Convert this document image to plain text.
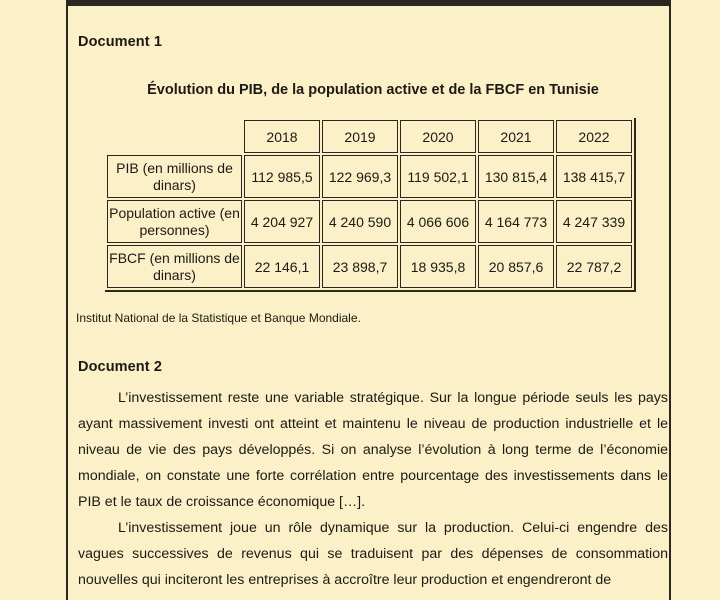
Document 1
Évolution du PIB, de la population active et de la FBCF en Tunisie
	2018	2019	2020	2021	2022
PIB (en millions de dinars)	112 985,5	122 969,3	119 502,1	130 815,4	138 415,7
Population active (en personnes)	4 204 927	4 240 590	4 066 606	4 164 773	4 247 339
FBCF (en millions de dinars)	22 146,1	23 898,7	18 935,8	20 857,6	22 787,2
Institut National de la Statistique et Banque Mondiale.
Document 2

L’investissement reste une variable stratégique. Sur la longue période seuls les pays ayant massivement investi ont atteint et maintenu le niveau de production industrielle et le niveau de vie des pays développés. Si on analyse l’évolution à long terme de l’économie mondiale, on constate une forte corrélation entre pourcentage des investissements dans le PIB et le taux de croissance économique […].

L’investissement joue un rôle dynamique sur la production. Celui-ci engendre des vagues successives de revenus qui se traduisent par des dépenses de consommation nouvelles qui inciteront les entreprises à accroître leur production et engendreront de
